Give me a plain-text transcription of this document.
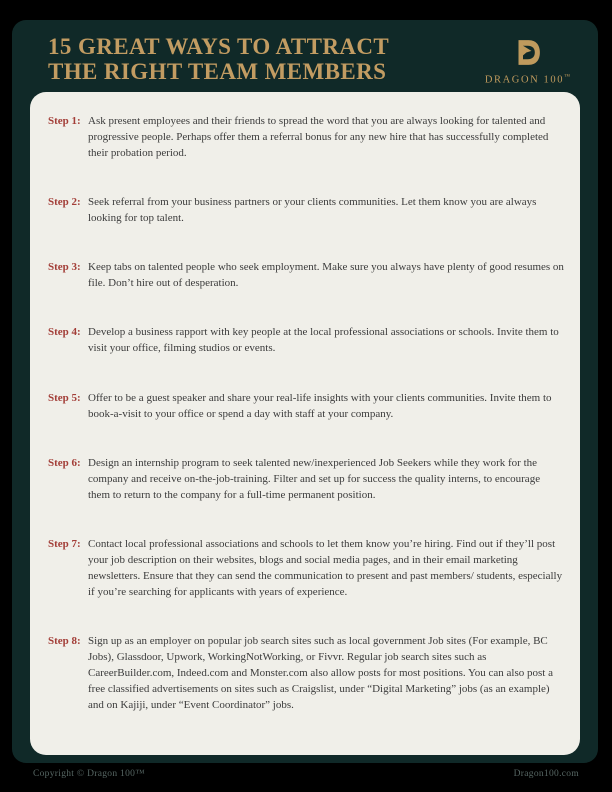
15 GREAT WAYS TO ATTRACT
THE RIGHT TEAM MEMBERS	DRAGON 100™
Step 1: Ask present employees and their friends to spread the word that you are always looking for talented and progressive people. Perhaps offer them a referral bonus for any new hire that has successfully completed their probation period.
Step 2: Seek referral from your business partners or your clients communities. Let them know you are always looking for top talent.
Step 3: Keep tabs on talented people who seek employment. Make sure you always have plenty of good resumes on file. Don’t hire out of desperation.
Step 4: Develop a business rapport with key people at the local professional associations or schools. Invite them to visit your office, filming studios or events.
Step 5: Offer to be a guest speaker and share your real-life insights with your clients communities. Invite them to book-a-visit to your office or spend a day with staff at your company.
Step 6: Design an internship program to seek talented new/inexperienced Job Seekers while they work for the company and receive on-the-job-training. Filter and set up for success the quality interns, to encourage them to return to the company for a full-time permanent position.
Step 7: Contact local professional associations and schools to let them know you’re hiring. Find out if they’ll post your job description on their websites, blogs and social media pages, and in their email marketing newsletters. Ensure that they can send the communication to present and past members/ students, especially if you’re searching for applicants with years of experience.
Step 8: Sign up as an employer on popular job search sites such as local government Job sites (For example, BC Jobs), Glassdoor, Upwork, WorkingNotWorking, or Fivvr. Regular job search sites such as CareerBuilder.com, Indeed.com and Monster.com also allow posts for most positions. You can also post a free classified advertisements on sites such as Craigslist, under “Digital Marketing” jobs (as an example) and on Kajiji, under “Event Coordinator” jobs.
Copyright © Dragon 100™	Dragon100.com
